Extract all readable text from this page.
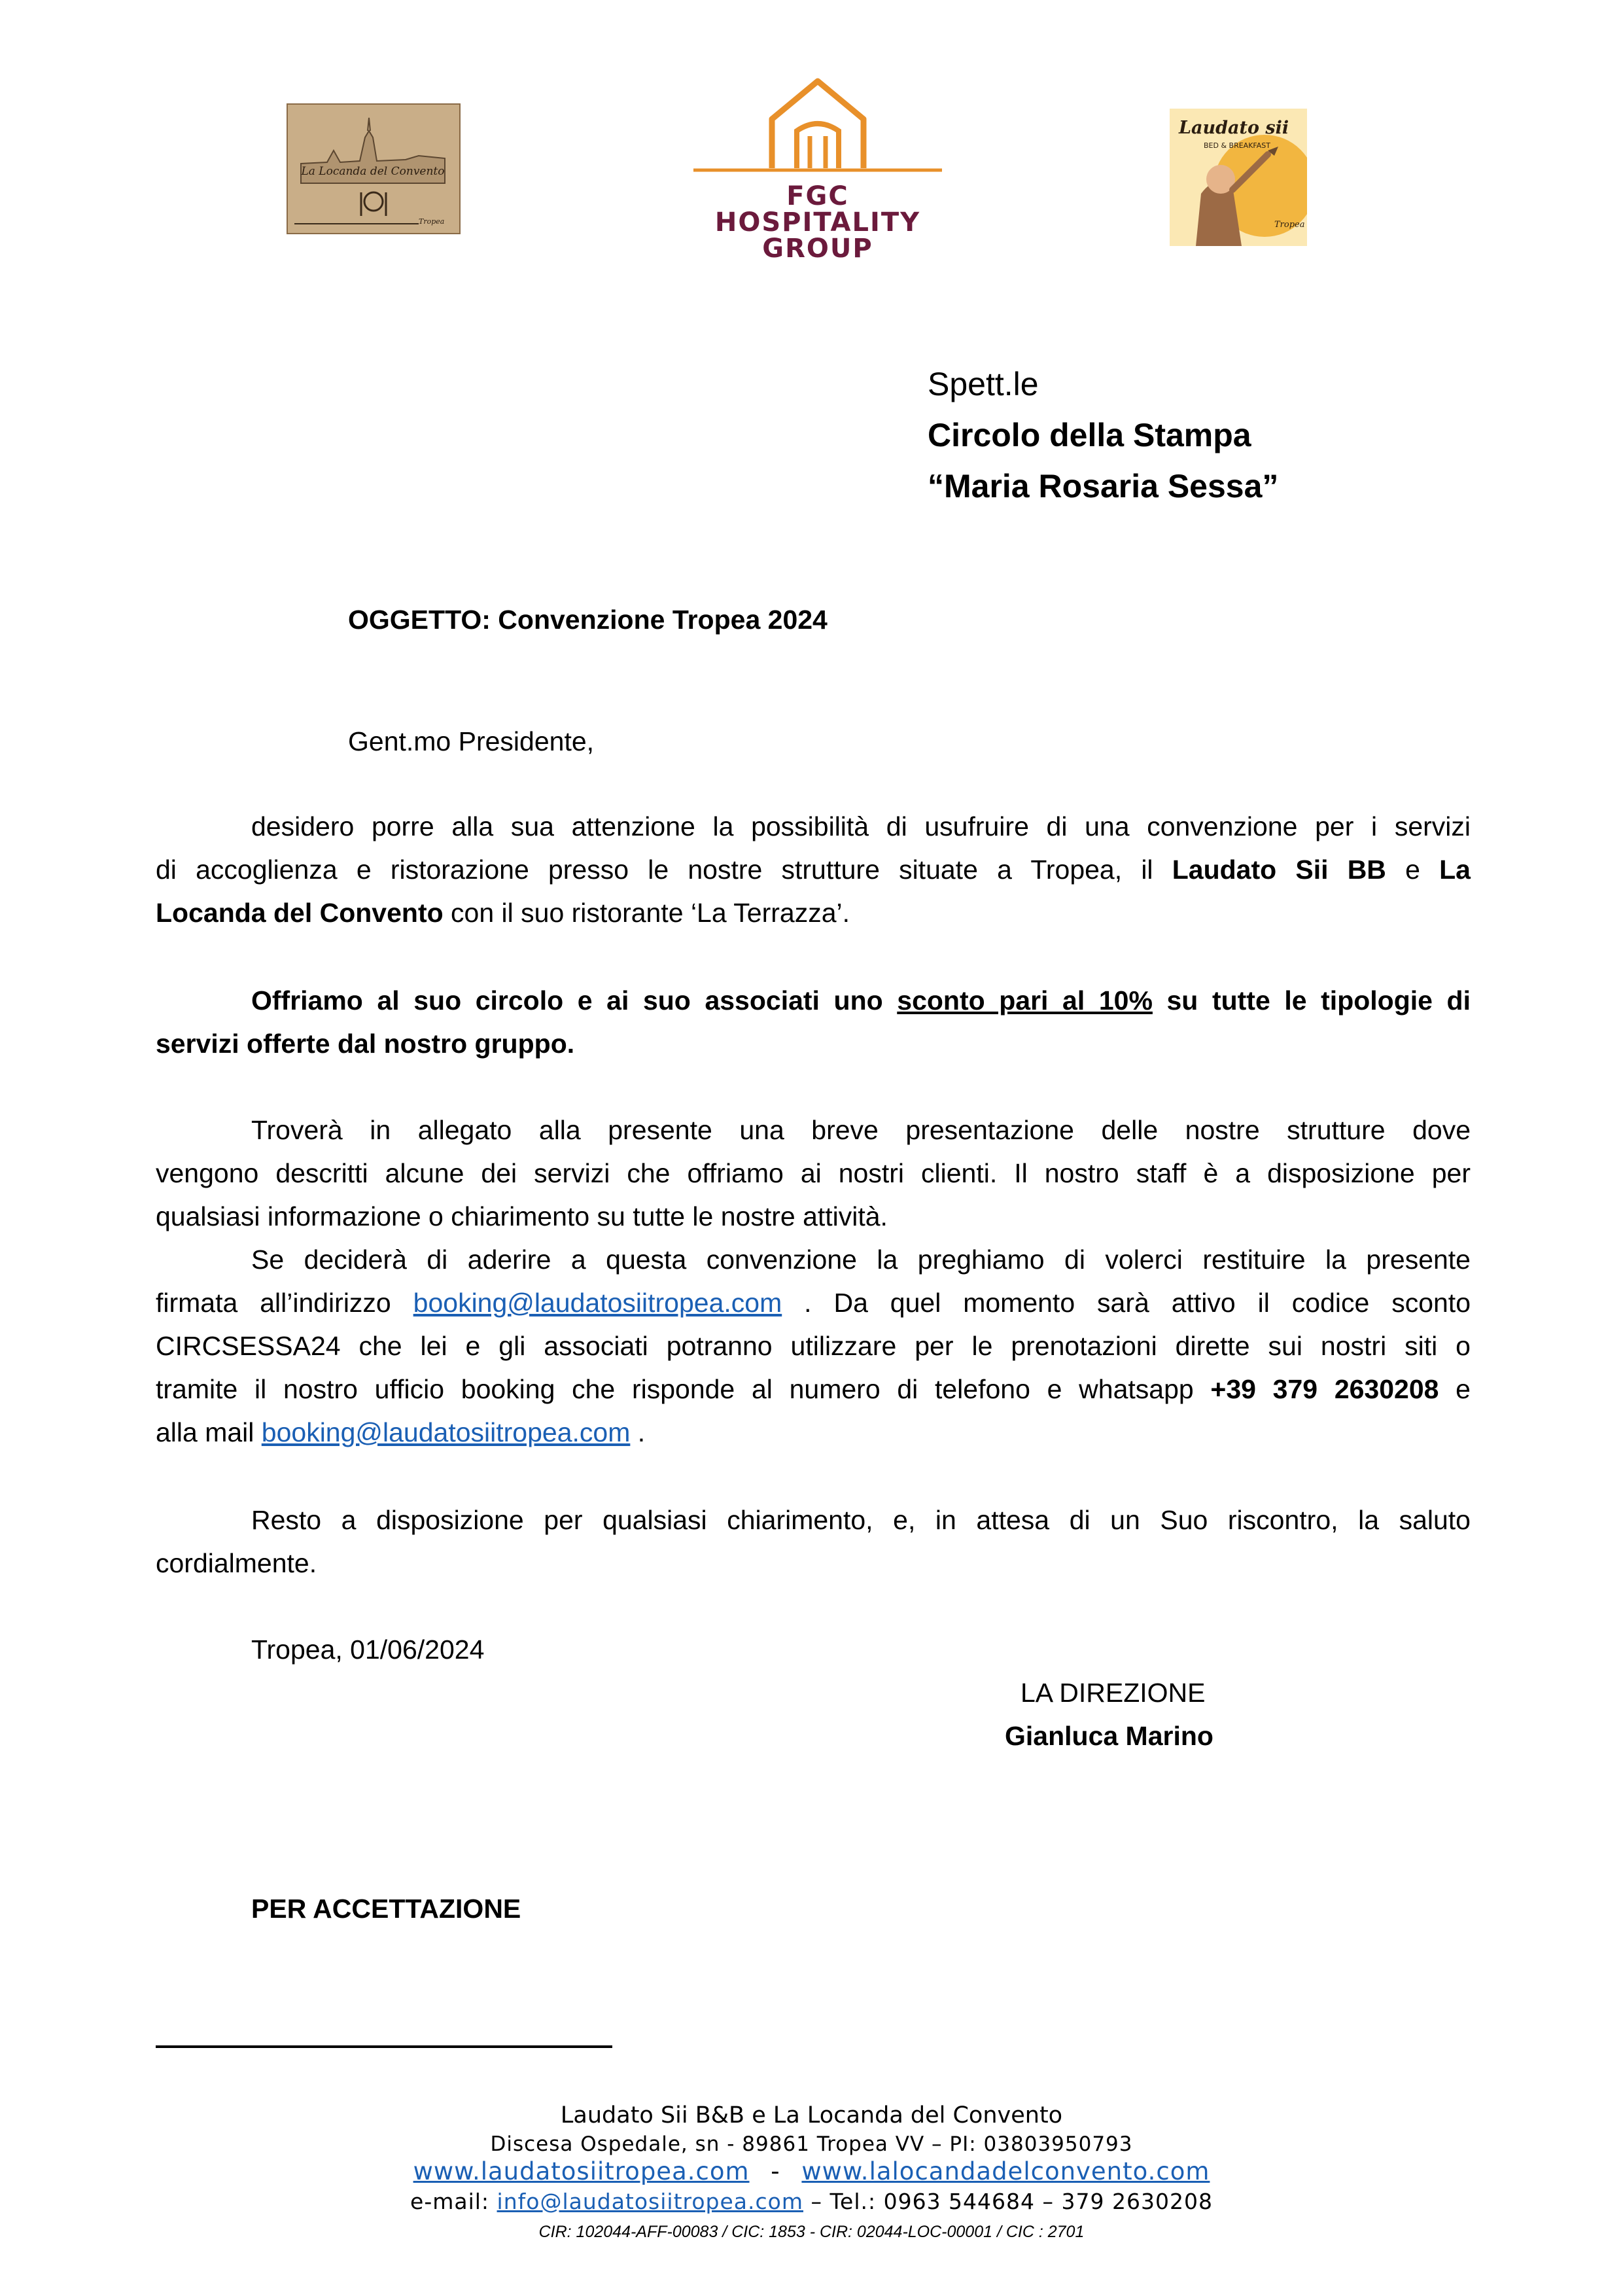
La Locanda del Convento
Tropea
FGC
HOSPITALITY
GROUP
Laudato sii
BED & BREAKFAST
Tropea
Spett.le
Circolo della Stampa
“Maria Rosaria Sessa”
OGGETTO: Convenzione Tropea 2024
Gent.mo Presidente,
desidero porre alla sua attenzione la possibilità di usufruire di una convenzione per i servizi
di accoglienza e ristorazione presso le nostre strutture situate a Tropea, il Laudato Sii BB e La
Locanda del Convento con il suo ristorante ‘La Terrazza’.
Offriamo al suo circolo e ai suo associati uno sconto pari al 10% su tutte le tipologie di
servizi offerte dal nostro gruppo.
Troverà in allegato alla presente una breve presentazione delle nostre strutture dove
vengono descritti alcune dei servizi che offriamo ai nostri clienti. Il nostro staff è a disposizione per
qualsiasi informazione o chiarimento su tutte le nostre attività.
Se deciderà di aderire a questa convenzione la preghiamo di volerci restituire la presente
firmata all’indirizzo booking@laudatosiitropea.com . Da quel momento sarà attivo il codice sconto
CIRCSESSA24 che lei e gli associati potranno utilizzare per le prenotazioni dirette sui nostri siti o
tramite il nostro ufficio booking che risponde al numero di telefono e whatsapp +39 379 2630208 e
alla mail booking@laudatosiitropea.com .
Resto a disposizione per qualsiasi chiarimento, e, in attesa di un Suo riscontro, la saluto
cordialmente.
Tropea, 01/06/2024
LA DIREZIONE
Gianluca Marino
PER ACCETTAZIONE
Laudato Sii B&B e La Locanda del Convento
Discesa Ospedale, sn - 89861 Tropea VV – PI: 03803950793
www.laudatosiitropea.com - www.lalocandadelconvento.com
e-mail: info@laudatosiitropea.com – Tel.: 0963 544684 – 379 2630208
CIR: 102044-AFF-00083 / CIC: 1853 - CIR: 02044-LOC-00001 / CIC : 2701
